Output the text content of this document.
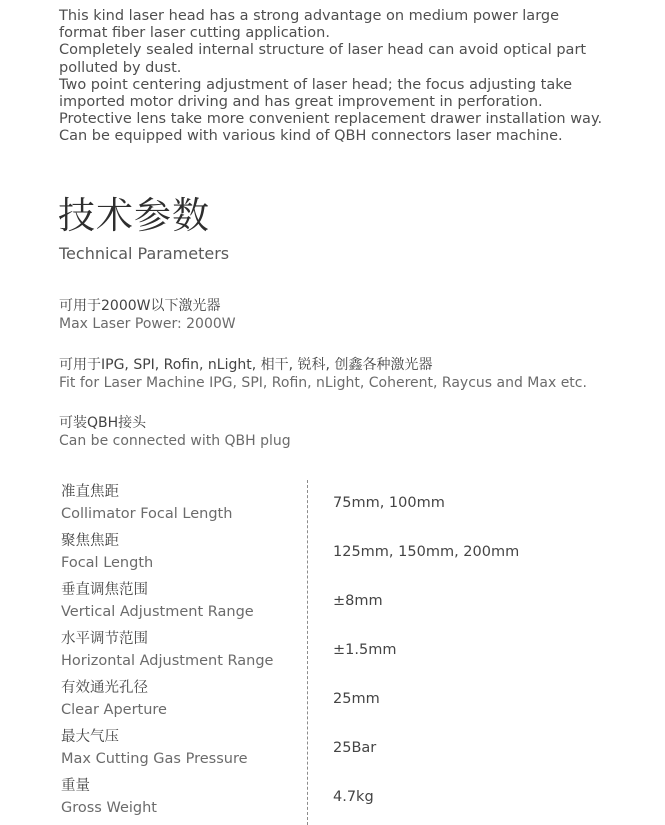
This kind laser head has a strong advantage on medium power large
format fiber laser cutting application.
Completely sealed internal structure of laser head can avoid optical part
polluted by dust.
Two point centering adjustment of laser head; the focus adjusting take
imported motor driving and has great improvement in perforation.
Protective lens take more convenient replacement drawer installation way.
Can be equipped with various kind of QBH connectors laser machine.
技术参数
Technical Parameters
可用于2000W以下激光器
Max Laser Power: 2000W
可用于IPG, SPI, Rofin, nLight, 相干, 锐科, 创鑫各种激光器
Fit for Laser Machine IPG, SPI, Rofin, nLight, Coherent, Raycus and Max etc.
可装QBH接头
Can be connected with QBH plug
准直焦距
Collimator Focal Length
75mm, 100mm
聚焦焦距
Focal Length
125mm, 150mm, 200mm
垂直调焦范围
Vertical Adjustment Range
±8mm
水平调节范围
Horizontal Adjustment Range
±1.5mm
有效通光孔径
Clear Aperture
25mm
最大气压
Max Cutting Gas Pressure
25Bar
重量
Gross Weight
4.7kg
